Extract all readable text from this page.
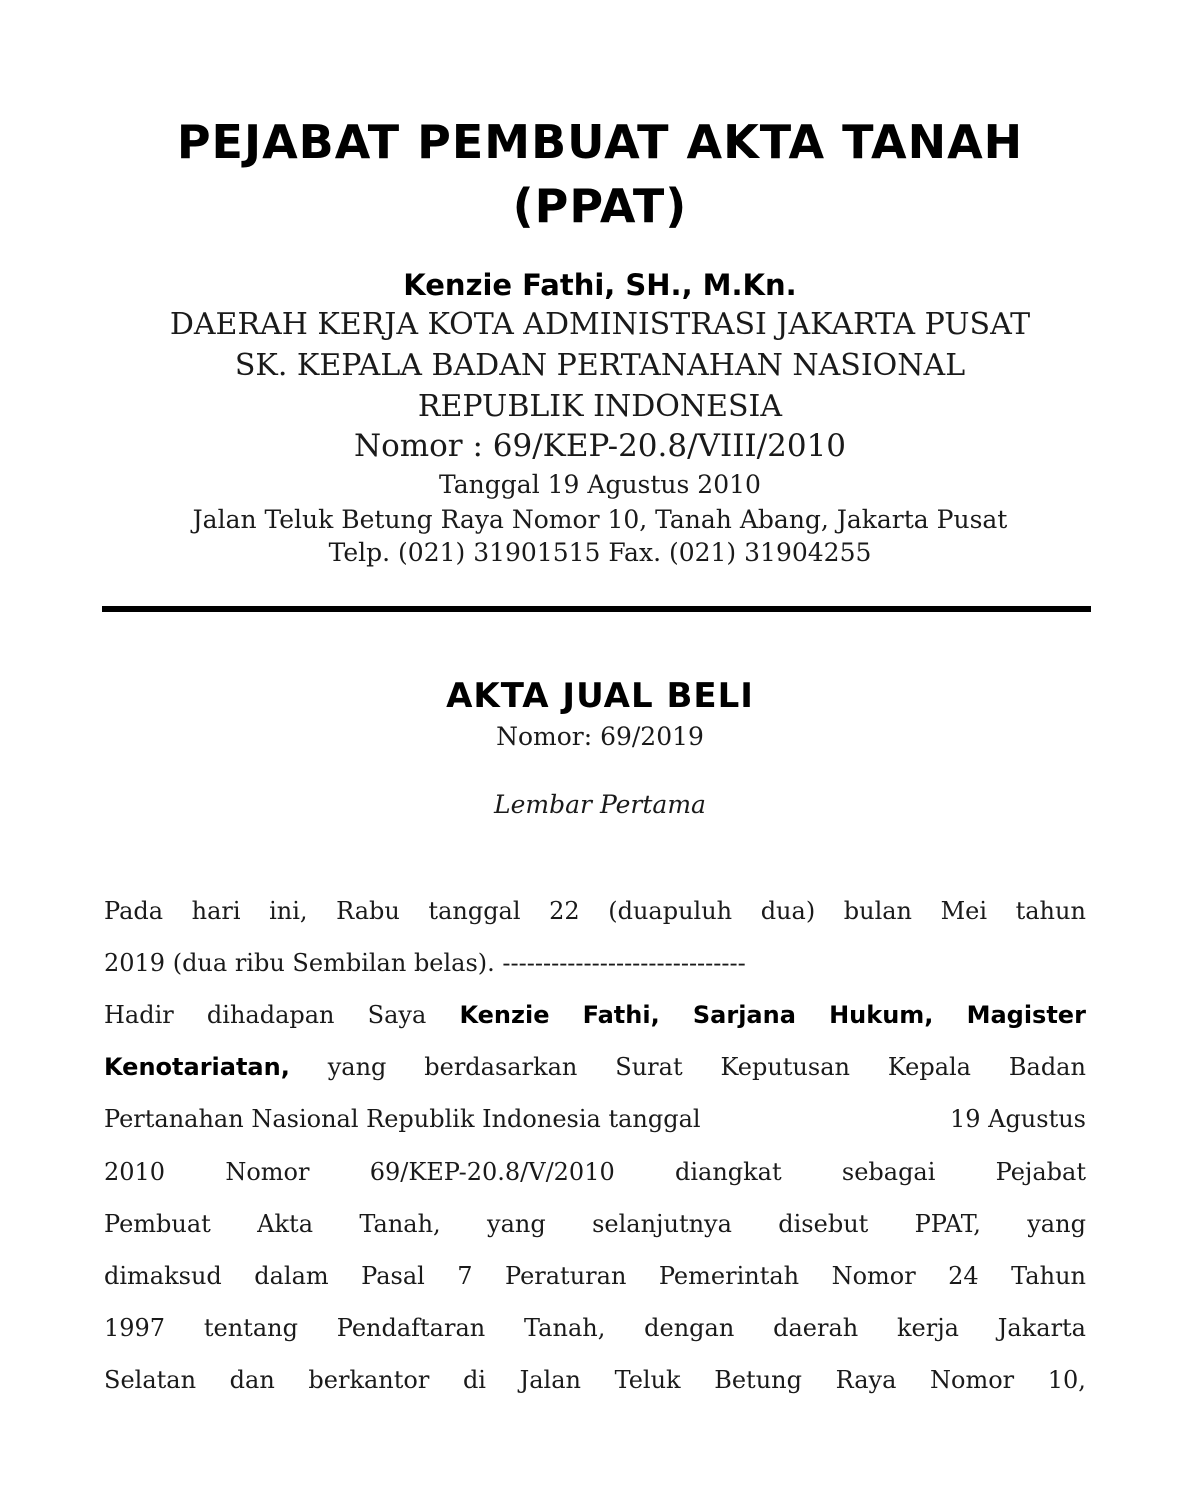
PEJABAT PEMBUAT AKTA TANAH
(PPAT)
Kenzie Fathi, SH., M.Kn.
DAERAH KERJA KOTA ADMINISTRASI JAKARTA PUSAT
SK. KEPALA BADAN PERTANAHAN NASIONAL
REPUBLIK INDONESIA
Nomor : 69/KEP-20.8/VIII/2010
Tanggal 19 Agustus 2010
Jalan Teluk Betung Raya Nomor 10, Tanah Abang, Jakarta Pusat
Telp. (021) 31901515 Fax. (021) 31904255
AKTA JUAL BELI
Nomor: 69/2019
Lembar Pertama
Pada hari ini, Rabu tanggal 22 (duapuluh dua) bulan Mei tahun
2019 (dua ribu Sembilan belas). ------------------------------
Hadir dihadapan Saya Kenzie Fathi, Sarjana Hukum, Magister
Kenotariatan, yang berdasarkan Surat Keputusan Kepala Badan
Pertanahan Nasional Republik Indonesia tanggal	19 Agustus
2010	Nomor	69/KEP-20.8/V/2010	diangkat	sebagai	Pejabat
Pembuat Akta Tanah, yang selanjutnya disebut PPAT, yang
dimaksud dalam Pasal 7 Peraturan Pemerintah Nomor 24 Tahun
1997 tentang Pendaftaran Tanah, dengan daerah kerja Jakarta
Selatan dan berkantor di Jalan Teluk Betung Raya Nomor 10,
